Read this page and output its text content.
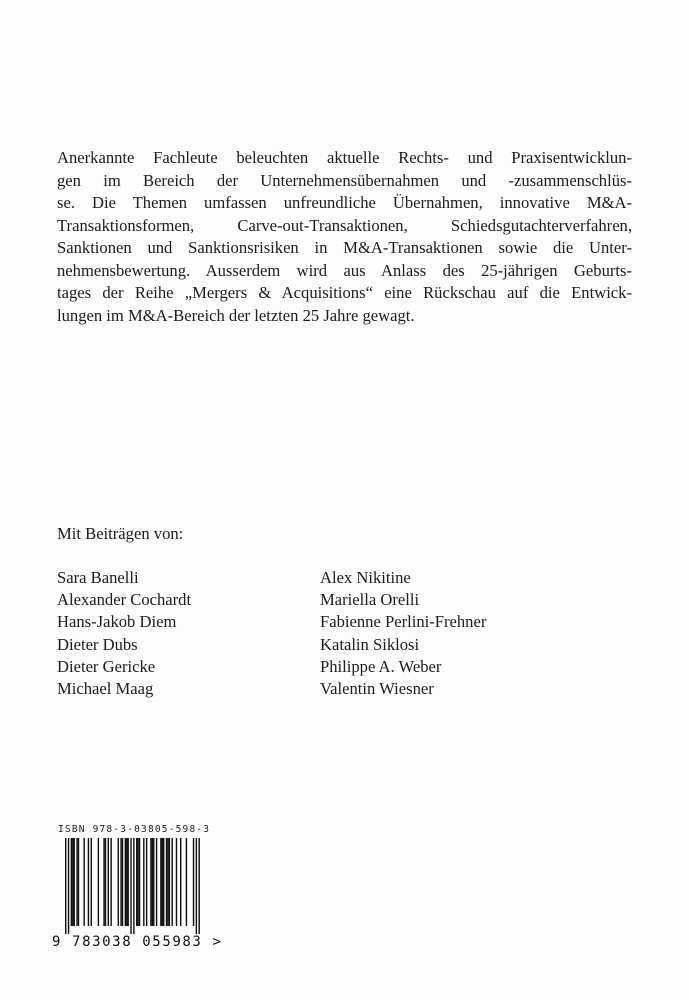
Anerkannte Fachleute beleuchten aktuelle Rechts- und Praxisentwicklun-
gen im Bereich der Unternehmensübernahmen und -zusammenschlüs-
se. Die Themen umfassen unfreundliche Übernahmen, innovative M&A-
Transaktionsformen, Carve-out-Transaktionen, Schiedsgutachterverfahren,
Sanktionen und Sanktionsrisiken in M&A-Transaktionen sowie die Unter-
nehmensbewertung. Ausserdem wird aus Anlass des 25-jährigen Geburts-
tages der Reihe „Mergers & Acquisitions“ eine Rückschau auf die Entwick-
lungen im M&A-Bereich der letzten 25 Jahre gewagt.
Mit Beiträgen von:
Sara Banelli
Alexander Cochardt
Hans-Jakob Diem
Dieter Dubs
Dieter Gericke
Michael Maag
Alex Nikitine
Mariella Orelli
Fabienne Perlini-Frehner
Katalin Siklosi
Philippe A. Weber
Valentin Wiesner
ISBN 978-3-03805-598-3
9 783038 055983 >
